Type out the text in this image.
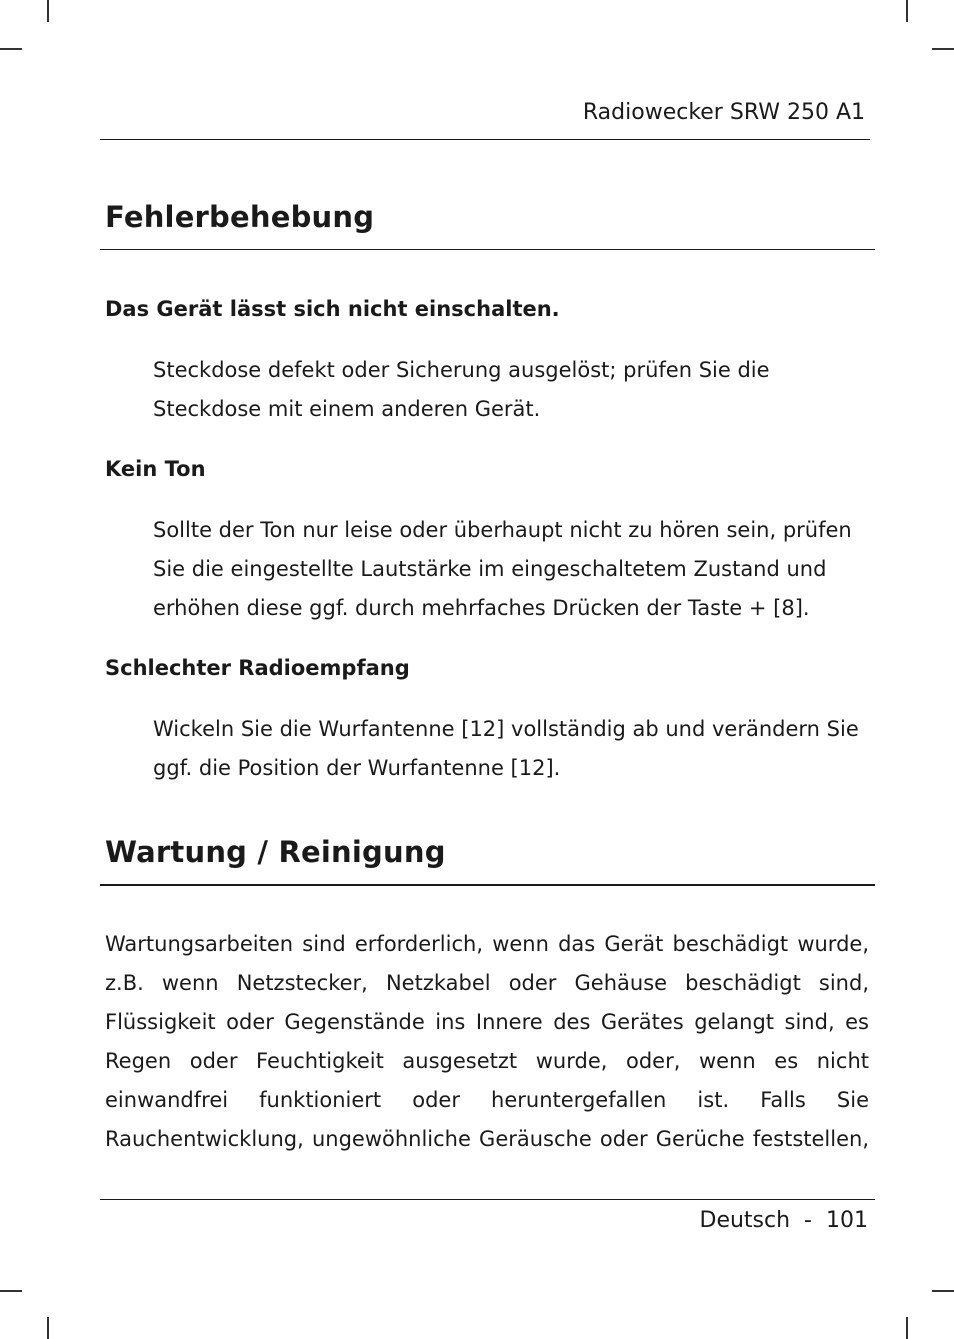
Radiowecker SRW 250 A1
Fehlerbehebung
Das Gerät lässt sich nicht einschalten.

Steckdose defekt oder Sicherung ausgelöst; prüfen Sie die Steckdose mit einem anderen Gerät.

Kein Ton

Sollte der Ton nur leise oder überhaupt nicht zu hören sein, prüfen Sie die eingestellte Lautstärke im eingeschaltetem Zustand und erhöhen diese ggf. durch mehrfaches Drücken der Taste + [8].

Schlechter Radioempfang

Wickeln Sie die Wurfantenne [12] vollständig ab und verändern Sie ggf. die Position der Wurfantenne [12].

Wartung / Reinigung

Wartungsarbeiten sind erforderlich, wenn das Gerät beschädigt wurde, z.B. wenn Netzstecker, Netzkabel oder Gehäuse beschädigt sind, Flüssigkeit oder Gegenstände ins Innere des Gerätes gelangt sind, es Regen oder Feuchtigkeit ausgesetzt wurde, oder, wenn es nicht einwandfrei funktioniert oder heruntergefallen ist. Falls Sie Rauchentwicklung, ungewöhnliche Geräusche oder Gerüche feststellen,

Deutsch - 101
